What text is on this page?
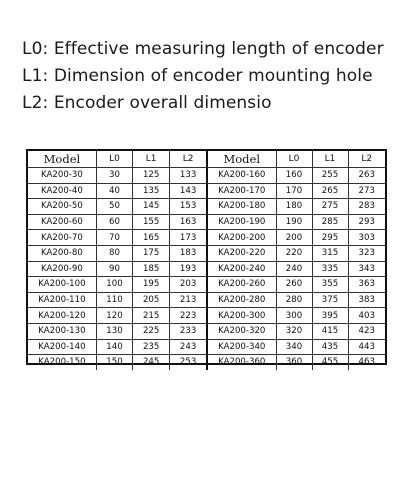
L0: Effective measuring length of encoder
L1: Dimension of encoder mounting hole
L2: Encoder overall dimensio
Model	L0	L1	L2
KA200-30	30	125	133
KA200-40	40	135	143
KA200-50	50	145	153
KA200-60	60	155	163
KA200-70	70	165	173
KA200-80	80	175	183
KA200-90	90	185	193
KA200-100	100	195	203
KA200-110	110	205	213
KA200-120	120	215	223
KA200-130	130	225	233
KA200-140	140	235	243
KA200-150	150	245	253
Model	L0	L1	L2
KA200-160	160	255	263
KA200-170	170	265	273
KA200-180	180	275	283
KA200-190	190	285	293
KA200-200	200	295	303
KA200-220	220	315	323
KA200-240	240	335	343
KA200-260	260	355	363
KA200-280	280	375	383
KA200-300	300	395	403
KA200-320	320	415	423
KA200-340	340	435	443
KA200-360	360	455	463
